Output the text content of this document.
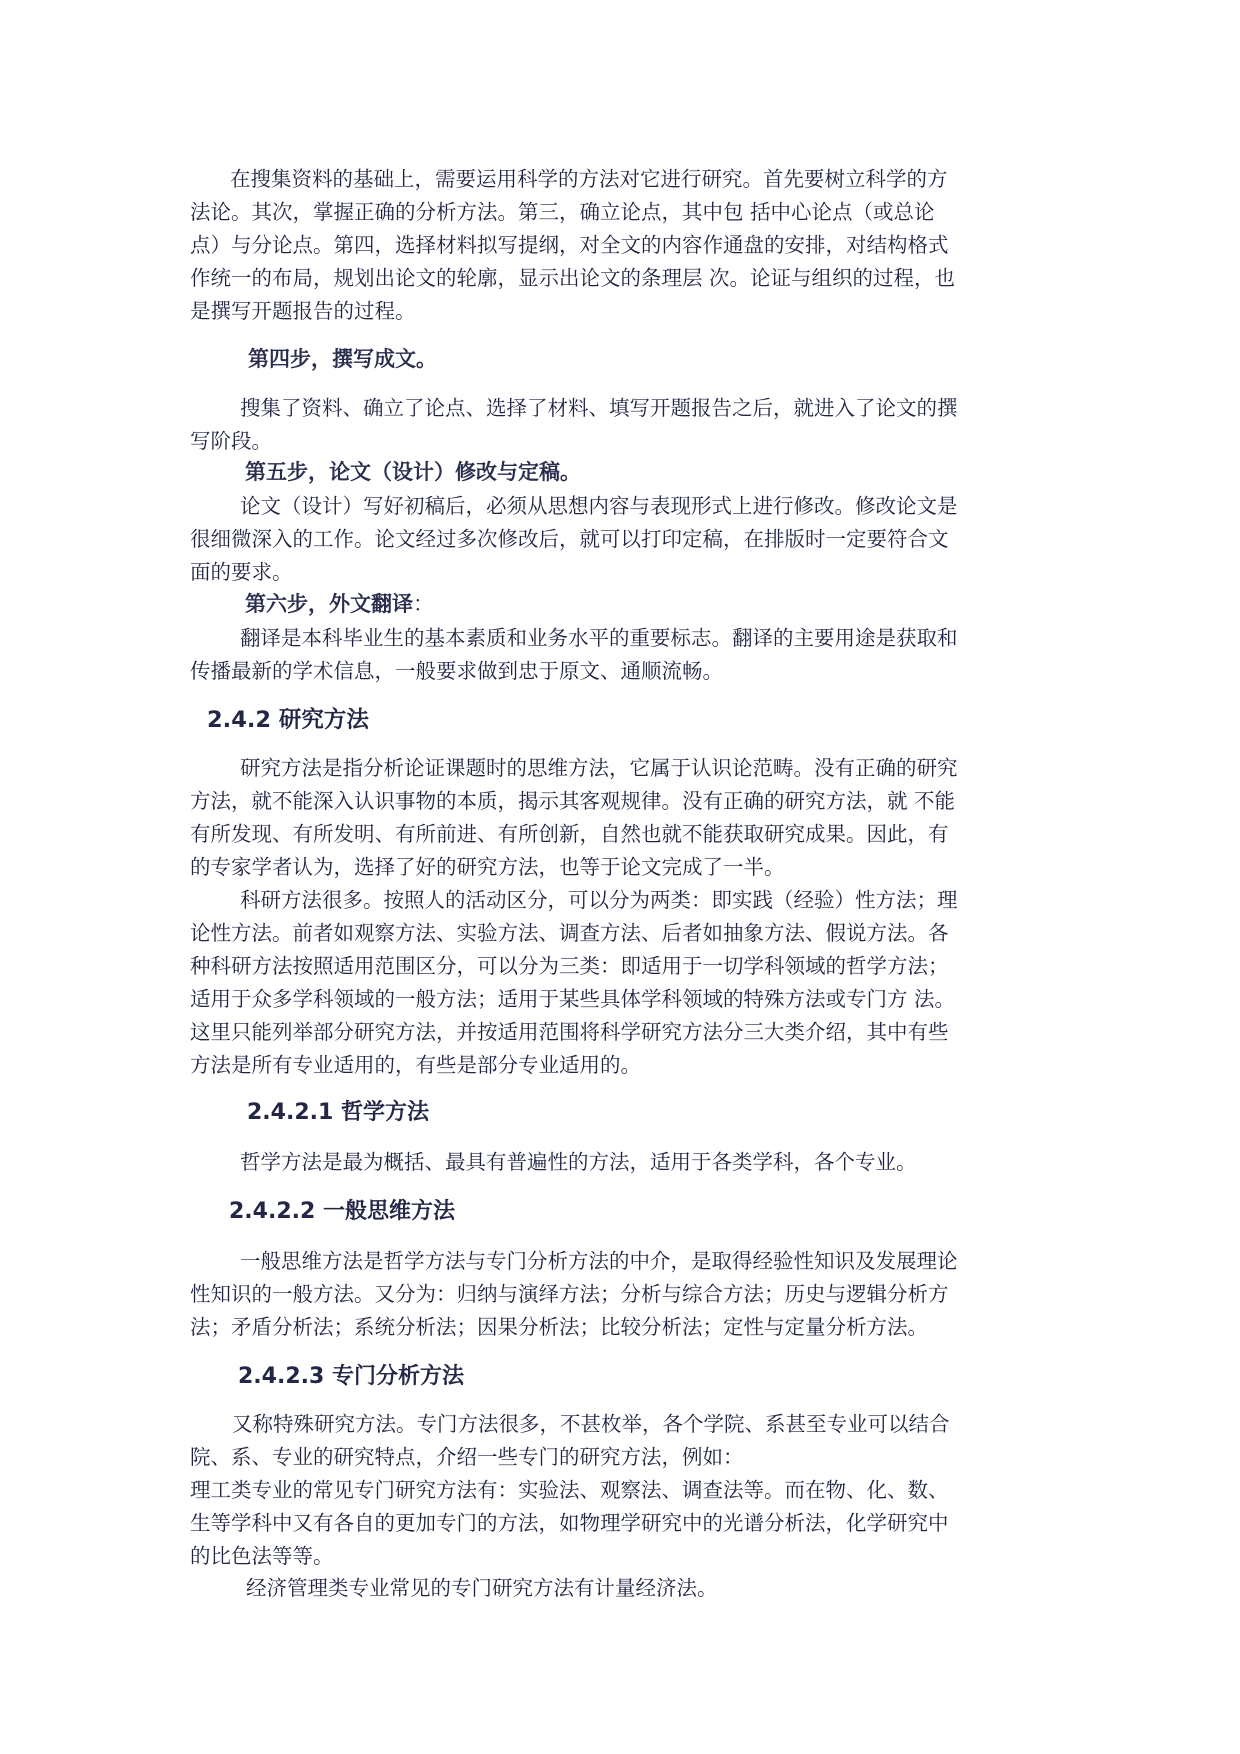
在搜集资料的基础上，需要运用科学的方法对它进行研究。首先要树立科学的方
法论。其次，掌握正确的分析方法。第三，确立论点，其中包 括中心论点（或总论
点）与分论点。第四，选择材料拟写提纲，对全文的内容作通盘的安排，对结构格式
作统一的布局，规划出论文的轮廓，显示出论文的条理层 次。论证与组织的过程，也
是撰写开题报告的过程。
第四步，撰写成文。
搜集了资料、确立了论点、选择了材料、填写开题报告之后，就进入了论文的撰
写阶段。
第五步，论文（设计）修改与定稿。
论文（设计）写好初稿后，必须从思想内容与表现形式上进行修改。修改论文是
很细微深入的工作。论文经过多次修改后，就可以打印定稿，在排版时一定要符合文
面的要求。
第六步，外文翻译：
翻译是本科毕业生的基本素质和业务水平的重要标志。翻译的主要用途是获取和
传播最新的学术信息，一般要求做到忠于原文、通顺流畅。
2.4.2 研究方法
研究方法是指分析论证课题时的思维方法，它属于认识论范畴。没有正确的研究
方法，就不能深入认识事物的本质，揭示其客观规律。没有正确的研究方法，就 不能
有所发现、有所发明、有所前进、有所创新，自然也就不能获取研究成果。因此，有
的专家学者认为，选择了好的研究方法，也等于论文完成了一半。
科研方法很多。按照人的活动区分，可以分为两类：即实践（经验）性方法；理
论性方法。前者如观察方法、实验方法、调查方法、后者如抽象方法、假说方法。各
种科研方法按照适用范围区分，可以分为三类：即适用于一切学科领域的哲学方法；
适用于众多学科领域的一般方法；适用于某些具体学科领域的特殊方法或专门方 法。
这里只能列举部分研究方法，并按适用范围将科学研究方法分三大类介绍，其中有些
方法是所有专业适用的，有些是部分专业适用的。
2.4.2.1 哲学方法
哲学方法是最为概括、最具有普遍性的方法，适用于各类学科，各个专业。
2.4.2.2 一般思维方法
一般思维方法是哲学方法与专门分析方法的中介，是取得经验性知识及发展理论
性知识的一般方法。又分为：归纳与演绎方法；分析与综合方法；历史与逻辑分析方
法；矛盾分析法；系统分析法；因果分析法；比较分析法；定性与定量分析方法。
2.4.2.3 专门分析方法
又称特殊研究方法。专门方法很多，不甚枚举，各个学院、系甚至专业可以结合
院、系、专业的研究特点，介绍一些专门的研究方法，例如：
理工类专业的常见专门研究方法有：实验法、观察法、调查法等。而在物、化、数、
生等学科中又有各自的更加专门的方法，如物理学研究中的光谱分析法，化学研究中
的比色法等等。
经济管理类专业常见的专门研究方法有计量经济法。
